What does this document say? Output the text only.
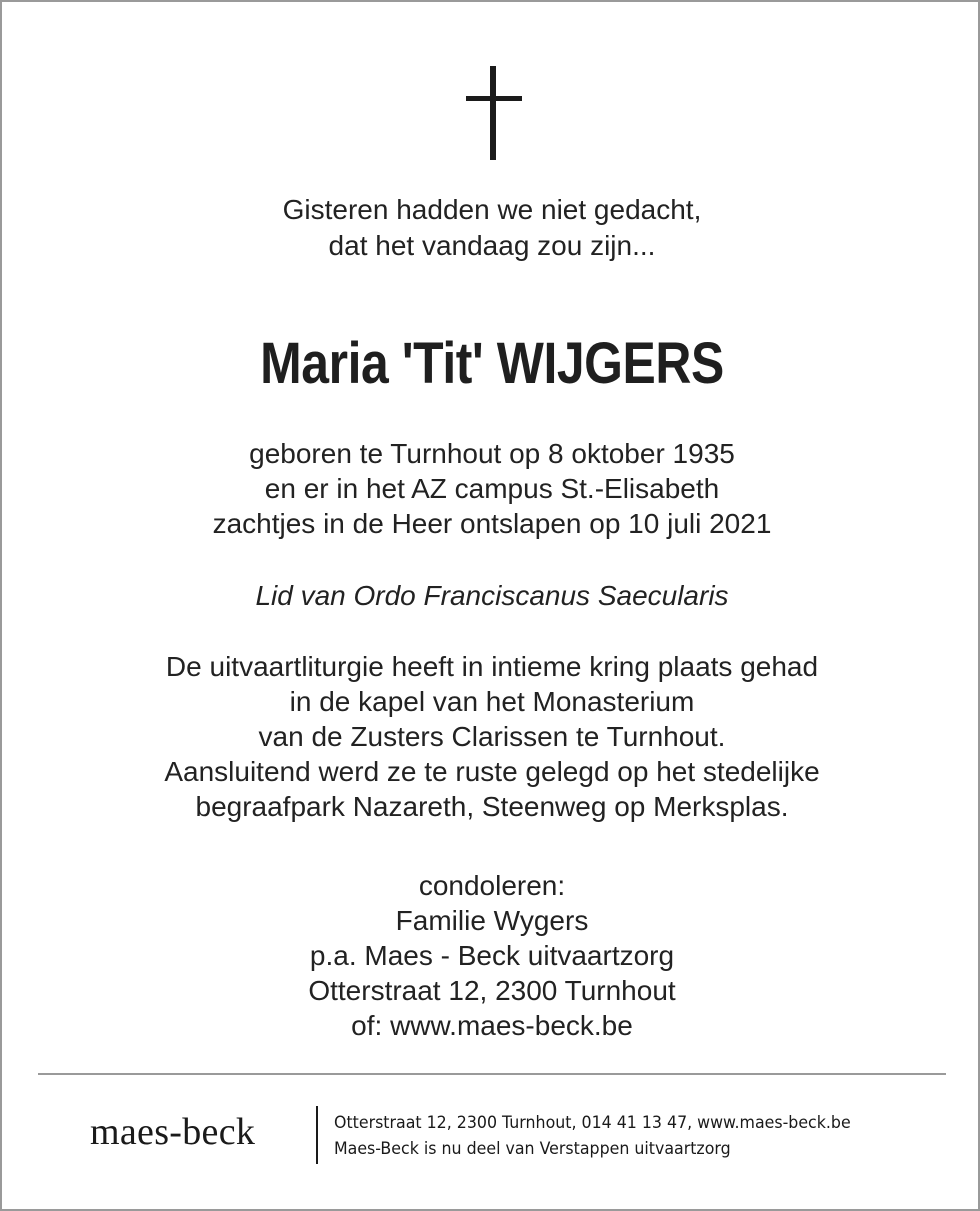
Gisteren hadden we niet gedacht,
dat het vandaag zou zijn...
Maria 'Tit' WIJGERS
geboren te Turnhout op 8 oktober 1935
en er in het AZ campus St.-Elisabeth
zachtjes in de Heer ontslapen op 10 juli 2021
Lid van Ordo Franciscanus Saecularis
De uitvaartliturgie heeft in intieme kring plaats gehad
in de kapel van het Monasterium
van de Zusters Clarissen te Turnhout.
Aansluitend werd ze te ruste gelegd op het stedelijke
begraafpark Nazareth, Steenweg op Merksplas.
condoleren:
Familie Wygers
p.a. Maes - Beck uitvaartzorg
Otterstraat 12, 2300 Turnhout
of: www.maes-beck.be
maes-beck	Otterstraat 12, 2300 Turnhout, 014 41 13 47, www.maes-beck.be
Maes-Beck is nu deel van Verstappen uitvaartzorg
